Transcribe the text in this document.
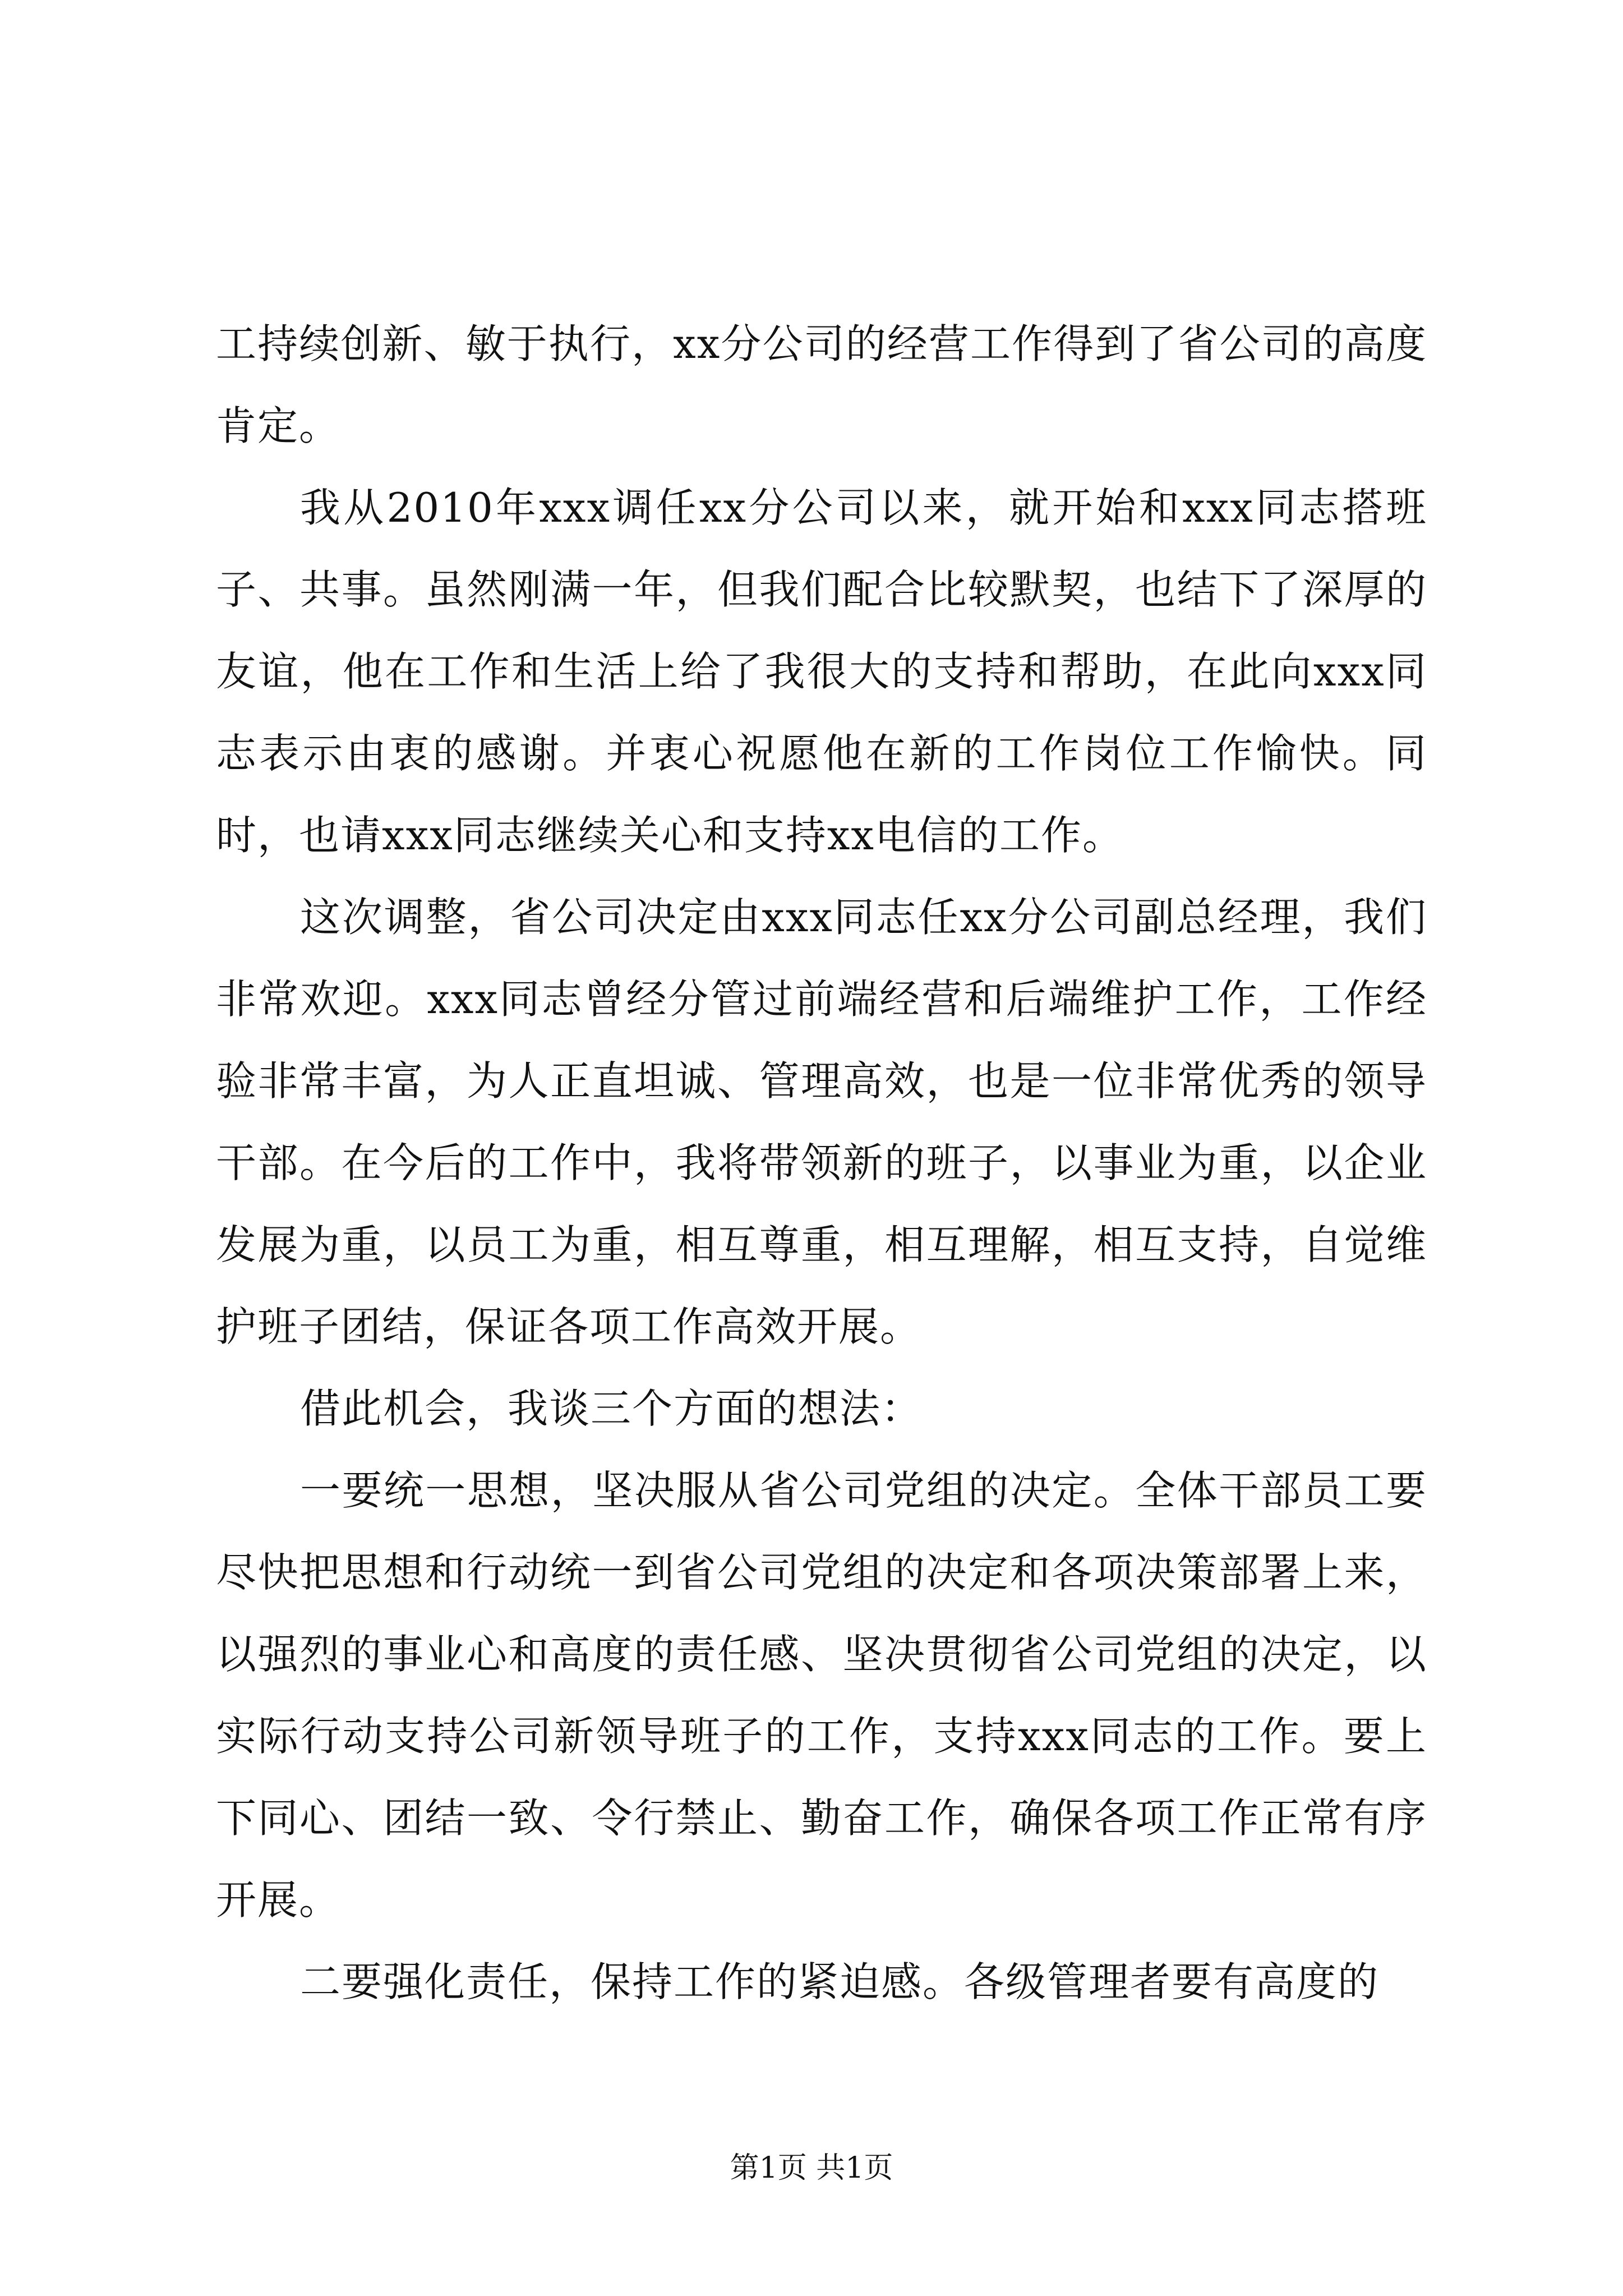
工持续创新、敏于执行，xx分公司的经营工作得到了省公司的高度肯定。

我从2010年xxx调任xx分公司以来，就开始和xxx同志搭班子、共事。虽然刚满一年，但我们配合比较默契，也结下了深厚的友谊，他在工作和生活上给了我很大的支持和帮助，在此向xxx同志表示由衷的感谢。并衷心祝愿他在新的工作岗位工作愉快。同时，也请xxx同志继续关心和支持xx电信的工作。

这次调整，省公司决定由xxx同志任xx分公司副总经理，我们非常欢迎。xxx同志曾经分管过前端经营和后端维护工作，工作经验非常丰富，为人正直坦诚、管理高效，也是一位非常优秀的领导干部。在今后的工作中，我将带领新的班子，以事业为重，以企业发展为重，以员工为重，相互尊重，相互理解，相互支持，自觉维护班子团结，保证各项工作高效开展。

借此机会，我谈三个方面的想法：

一要统一思想，坚决服从省公司党组的决定。全体干部员工要尽快把思想和行动统一到省公司党组的决定和各项决策部署上来，以强烈的事业心和高度的责任感、坚决贯彻省公司党组的决定，以实际行动支持公司新领导班子的工作，支持xxx同志的工作。要上下同心、团结一致、令行禁止、勤奋工作，确保各项工作正常有序开展。

二要强化责任，保持工作的紧迫感。各级管理者要有高度的

第1页 共1页
